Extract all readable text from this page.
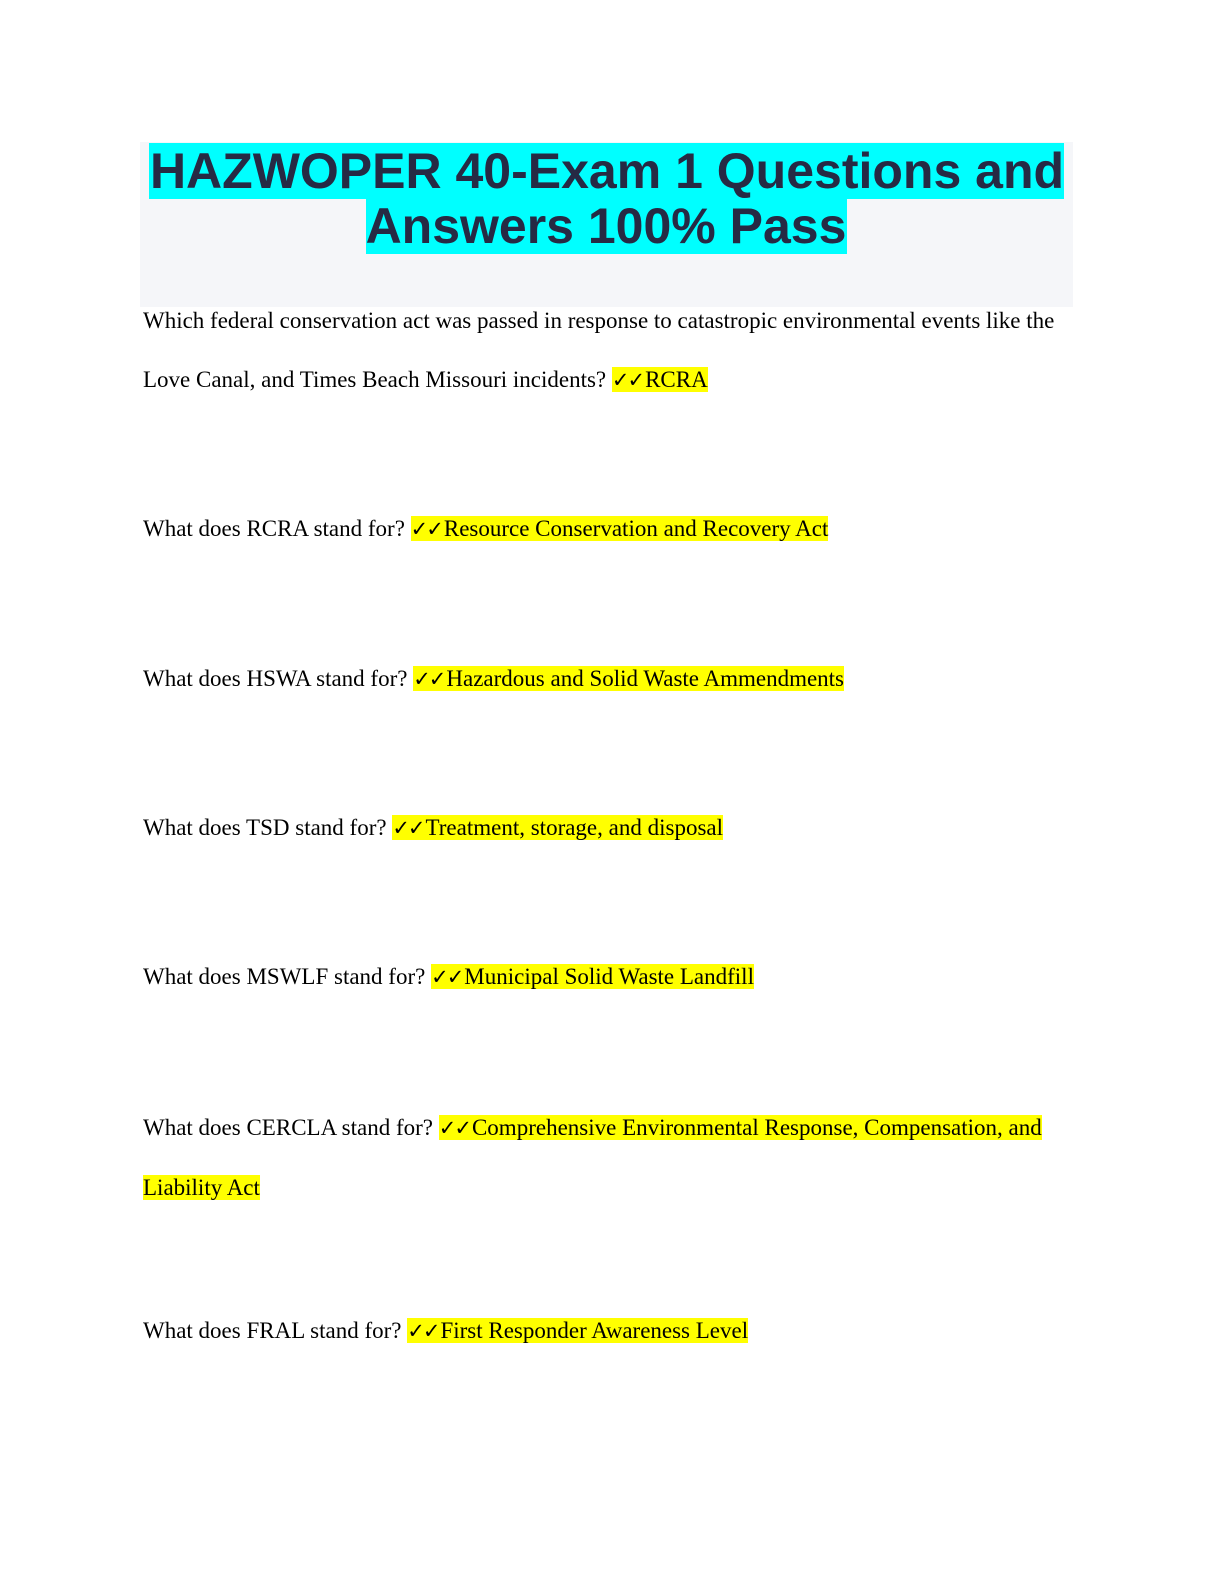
HAZWOPER 40-Exam 1 Questions and Answers 100% Pass

Which federal conservation act was passed in response to catastropic environmental events like the Love Canal, and Times Beach Missouri incidents? ✓✓RCRA

What does RCRA stand for? ✓✓Resource Conservation and Recovery Act

What does HSWA stand for? ✓✓Hazardous and Solid Waste Ammendments

What does TSD stand for? ✓✓Treatment, storage, and disposal

What does MSWLF stand for? ✓✓Municipal Solid Waste Landfill

What does CERCLA stand for? ✓✓Comprehensive Environmental Response, Compensation, and Liability Act

What does FRAL stand for? ✓✓First Responder Awareness Level
